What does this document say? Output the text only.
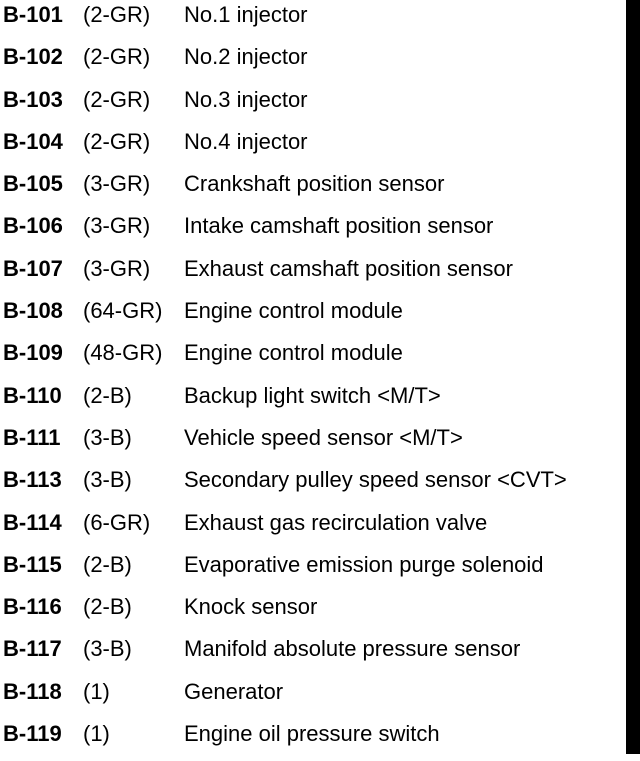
B-101 (2-GR) No.1 injector
B-102 (2-GR) No.2 injector
B-103 (2-GR) No.3 injector
B-104 (2-GR) No.4 injector
B-105 (3-GR) Crankshaft position sensor
B-106 (3-GR) Intake camshaft position sensor
B-107 (3-GR) Exhaust camshaft position sensor
B-108 (64-GR) Engine control module
B-109 (48-GR) Engine control module
B-110 (2-B) Backup light switch <M/T>
B-111 (3-B) Vehicle speed sensor <M/T>
B-113 (3-B) Secondary pulley speed sensor <CVT>
B-114 (6-GR) Exhaust gas recirculation valve
B-115 (2-B) Evaporative emission purge solenoid
B-116 (2-B) Knock sensor
B-117 (3-B) Manifold absolute pressure sensor
B-118 (1)	Generator
B-119 (1)	Engine oil pressure switch
